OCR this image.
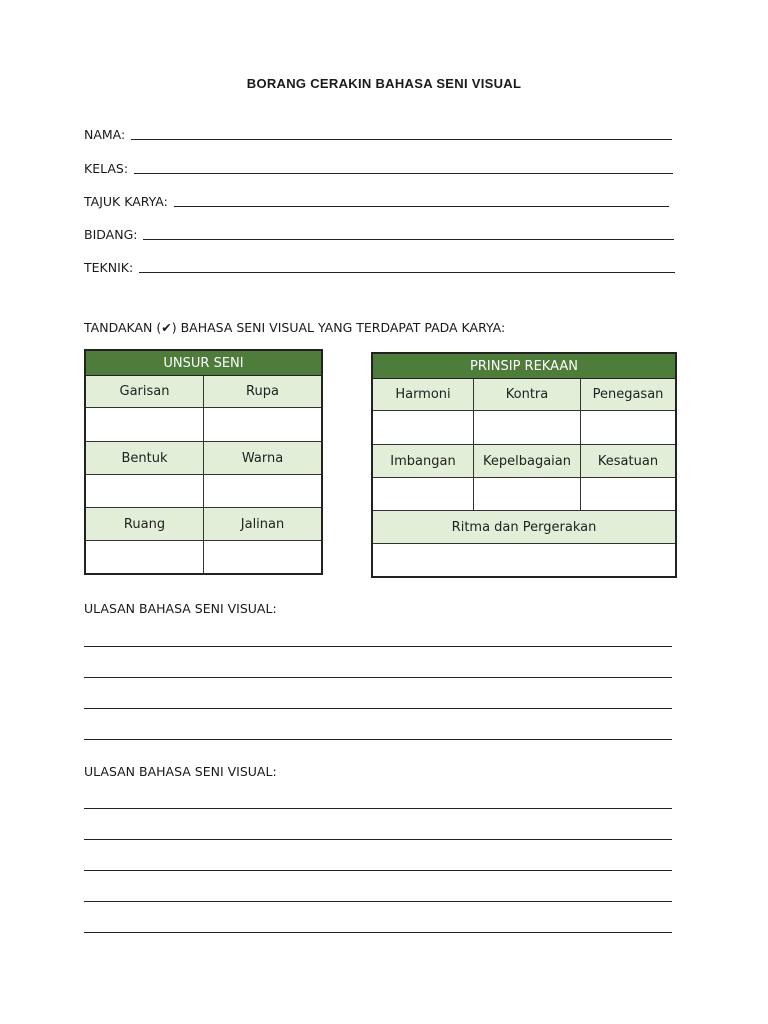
BORANG CERAKIN BAHASA SENI VISUAL
NAMA:
KELAS:
TAJUK KARYA:
BIDANG:
TEKNIK:
TANDAKAN (✔) BAHASA SENI VISUAL YANG TERDAPAT PADA KARYA:
UNSUR SENI	
Garisan	Rupa

Bentuk	Warna

Ruang	Jalinan

PRINSIP REKAAN		
Harmoni	Kontra	Penegasan

Imbangan	Kepelbagaian	Kesatuan

Ritma dan Pergerakan		

ULASAN BAHASA SENI VISUAL:
ULASAN BAHASA SENI VISUAL:
